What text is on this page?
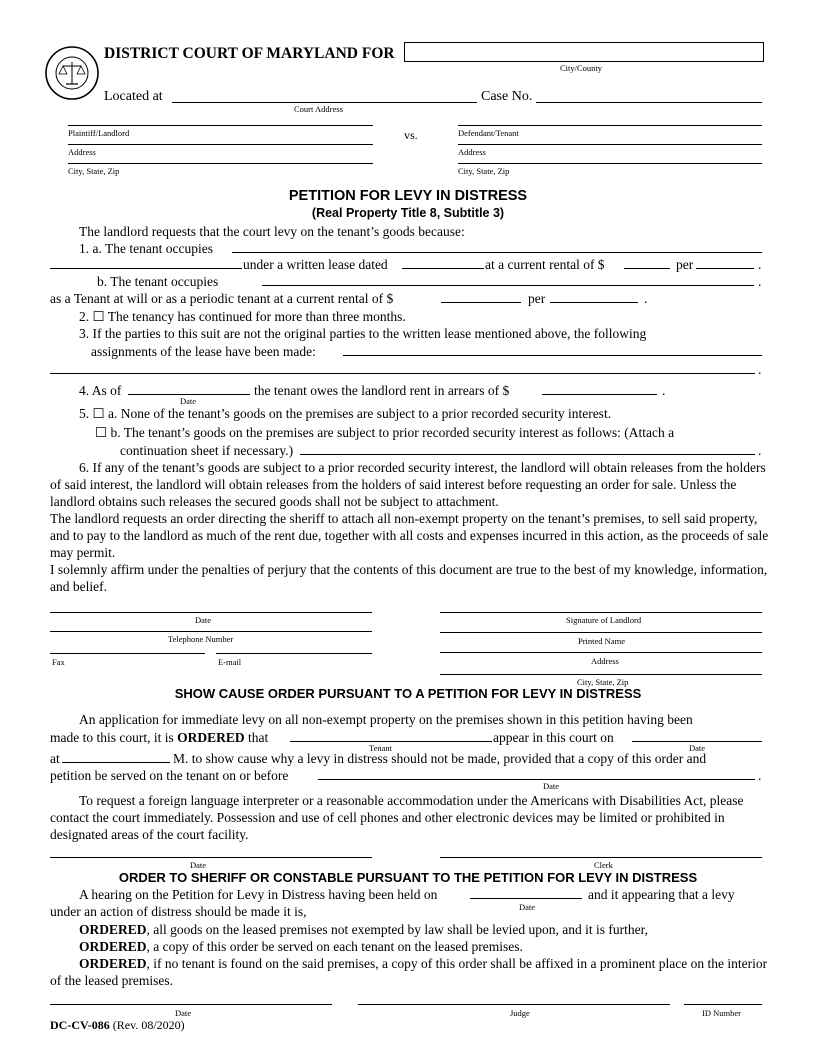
DISTRICT COURT OF MARYLAND FOR
City/County
Located at
Court Address
Case No.
Plaintiff/Landlord
Address
City, State, Zip
vs.	Defendant/Tenant
Address
City, State, Zip
PETITION FOR LEVY IN DISTRESS
(Real Property Title 8, Subtitle 3)
The landlord requests that the court levy on the tenant’s goods because:
1. a. The tenant occupies
under a written lease dated	at a current rental of $	per	.
b. The tenant occupies	.
as a Tenant at will or as a periodic tenant at a current rental of $	per	.
2. ☐ The tenancy has continued for more than three months.
3. If the parties to this suit are not the original parties to the written lease mentioned above, the following
assignments of the lease have been made:
.
4. As of
Date
the tenant owes the landlord rent in arrears of $	.
5. ☐ a. None of the tenant’s goods on the premises are subject to a prior recorded security interest.
☐ b. The tenant’s goods on the premises are subject to prior recorded security interest as follows: (Attach a
continuation sheet if necessary.)	.
6. If any of the tenant’s goods are subject to a prior recorded security interest, the landlord will obtain releases from the holders of said interest, the landlord will obtain releases from the holders of said interest before requesting an order for sale. Unless the landlord obtains such releases the secured goods shall not be subject to attachment.
The landlord requests an order directing the sheriff to attach all non-exempt property on the tenant’s premises, to sell said property, and to pay to the landlord as much of the rent due, together with all costs and expenses incurred in this action, as the proceeds of sale may permit.
I solemnly affirm under the penalties of perjury that the contents of this document are true to the best of my knowledge, information, and belief.
Date
Telephone Number
Fax	E-mail
Signature of Landlord
Printed Name
Address
City, State, Zip
SHOW CAUSE ORDER PURSUANT TO A PETITION FOR LEVY IN DISTRESS
An application for immediate levy on all non-exempt property on the premises shown in this petition having been
made to this court, it is ORDERED that
Tenant
appear in this court on
Date
at	M. to show cause why a levy in distress should not be made, provided that a copy of this order and
petition be served on the tenant on or before
Date
.
To request a foreign language interpreter or a reasonable accommodation under the Americans with Disabilities Act, please contact the court immediately. Possession and use of cell phones and other electronic devices may be limited or prohibited in designated areas of the court facility.
Date	Clerk
ORDER TO SHERIFF OR CONSTABLE PURSUANT TO THE PETITION FOR LEVY IN DISTRESS
A hearing on the Petition for Levy in Distress having been held on
Date
and it appearing that a levy
under an action of distress should be made it is,
ORDERED, all goods on the leased premises not exempted by law shall be levied upon, and it is further,
ORDERED, a copy of this order be served on each tenant on the leased premises.
ORDERED, if no tenant is found on the said premises, a copy of this order shall be affixed in a prominent place on the interior of the leased premises.
Date	Judge	ID Number
DC-CV-086 (Rev. 08/2020)
